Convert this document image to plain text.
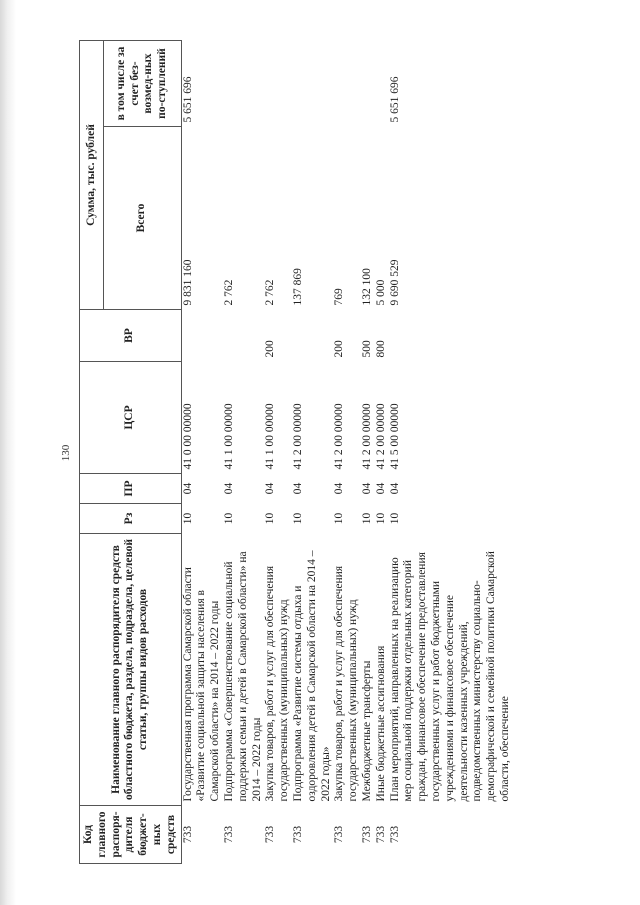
130
Код главного распоря-дителя бюджет-ных средств	Наименование главного распорядителя средств областного бюджета, раздела, подраздела, целевой статьи, группы видов расходов	Рз	ПР	ЦСР	ВР	Сумма, тыс. рублей	
						Всего	в том числе за счет без-возмед-ных по-ступлений
733	Государственная программа Самарской области «Развитие социальной защиты населения в Самарской области» на 2014 – 2022 годы	10	04	41 0 00 00000		9 831 160	5 651 696
733	Подпрограмма «Совершенствование социальной поддержки семьи и детей в Самарской области» на 2014 – 2022 годы	10	04	41 1 00 00000		2 762	
733	Закупка товаров, работ и услуг для обеспечения государственных (муниципальных) нужд	10	04	41 1 00 00000	200	2 762	
733	Подпрограмма «Развитие системы отдыха и оздоровления детей в Самарской области на 2014 – 2022 годы»	10	04	41 2 00 00000		137 869	
733	Закупка товаров, работ и услуг для обеспечения государственных (муниципальных) нужд	10	04	41 2 00 00000	200	769	
733	Межбюджетные трансферты	10	04	41 2 00 00000	500	132 100	
733	Иные бюджетные ассигнования	10	04	41 2 00 00000	800	5 000	
733	План мероприятий, направленных на реализацию мер социальной поддержки отдельных категорий граждан, финансовое обеспечение предоставления государственных услуг и работ бюджетными учреждениями и финансовое обеспечение деятельности казенных учреждений, подведомственных министерству социально-демографической и семейной политики Самарской области, обеспечение	10	04	41 5 00 00000		9 690 529	5 651 696
